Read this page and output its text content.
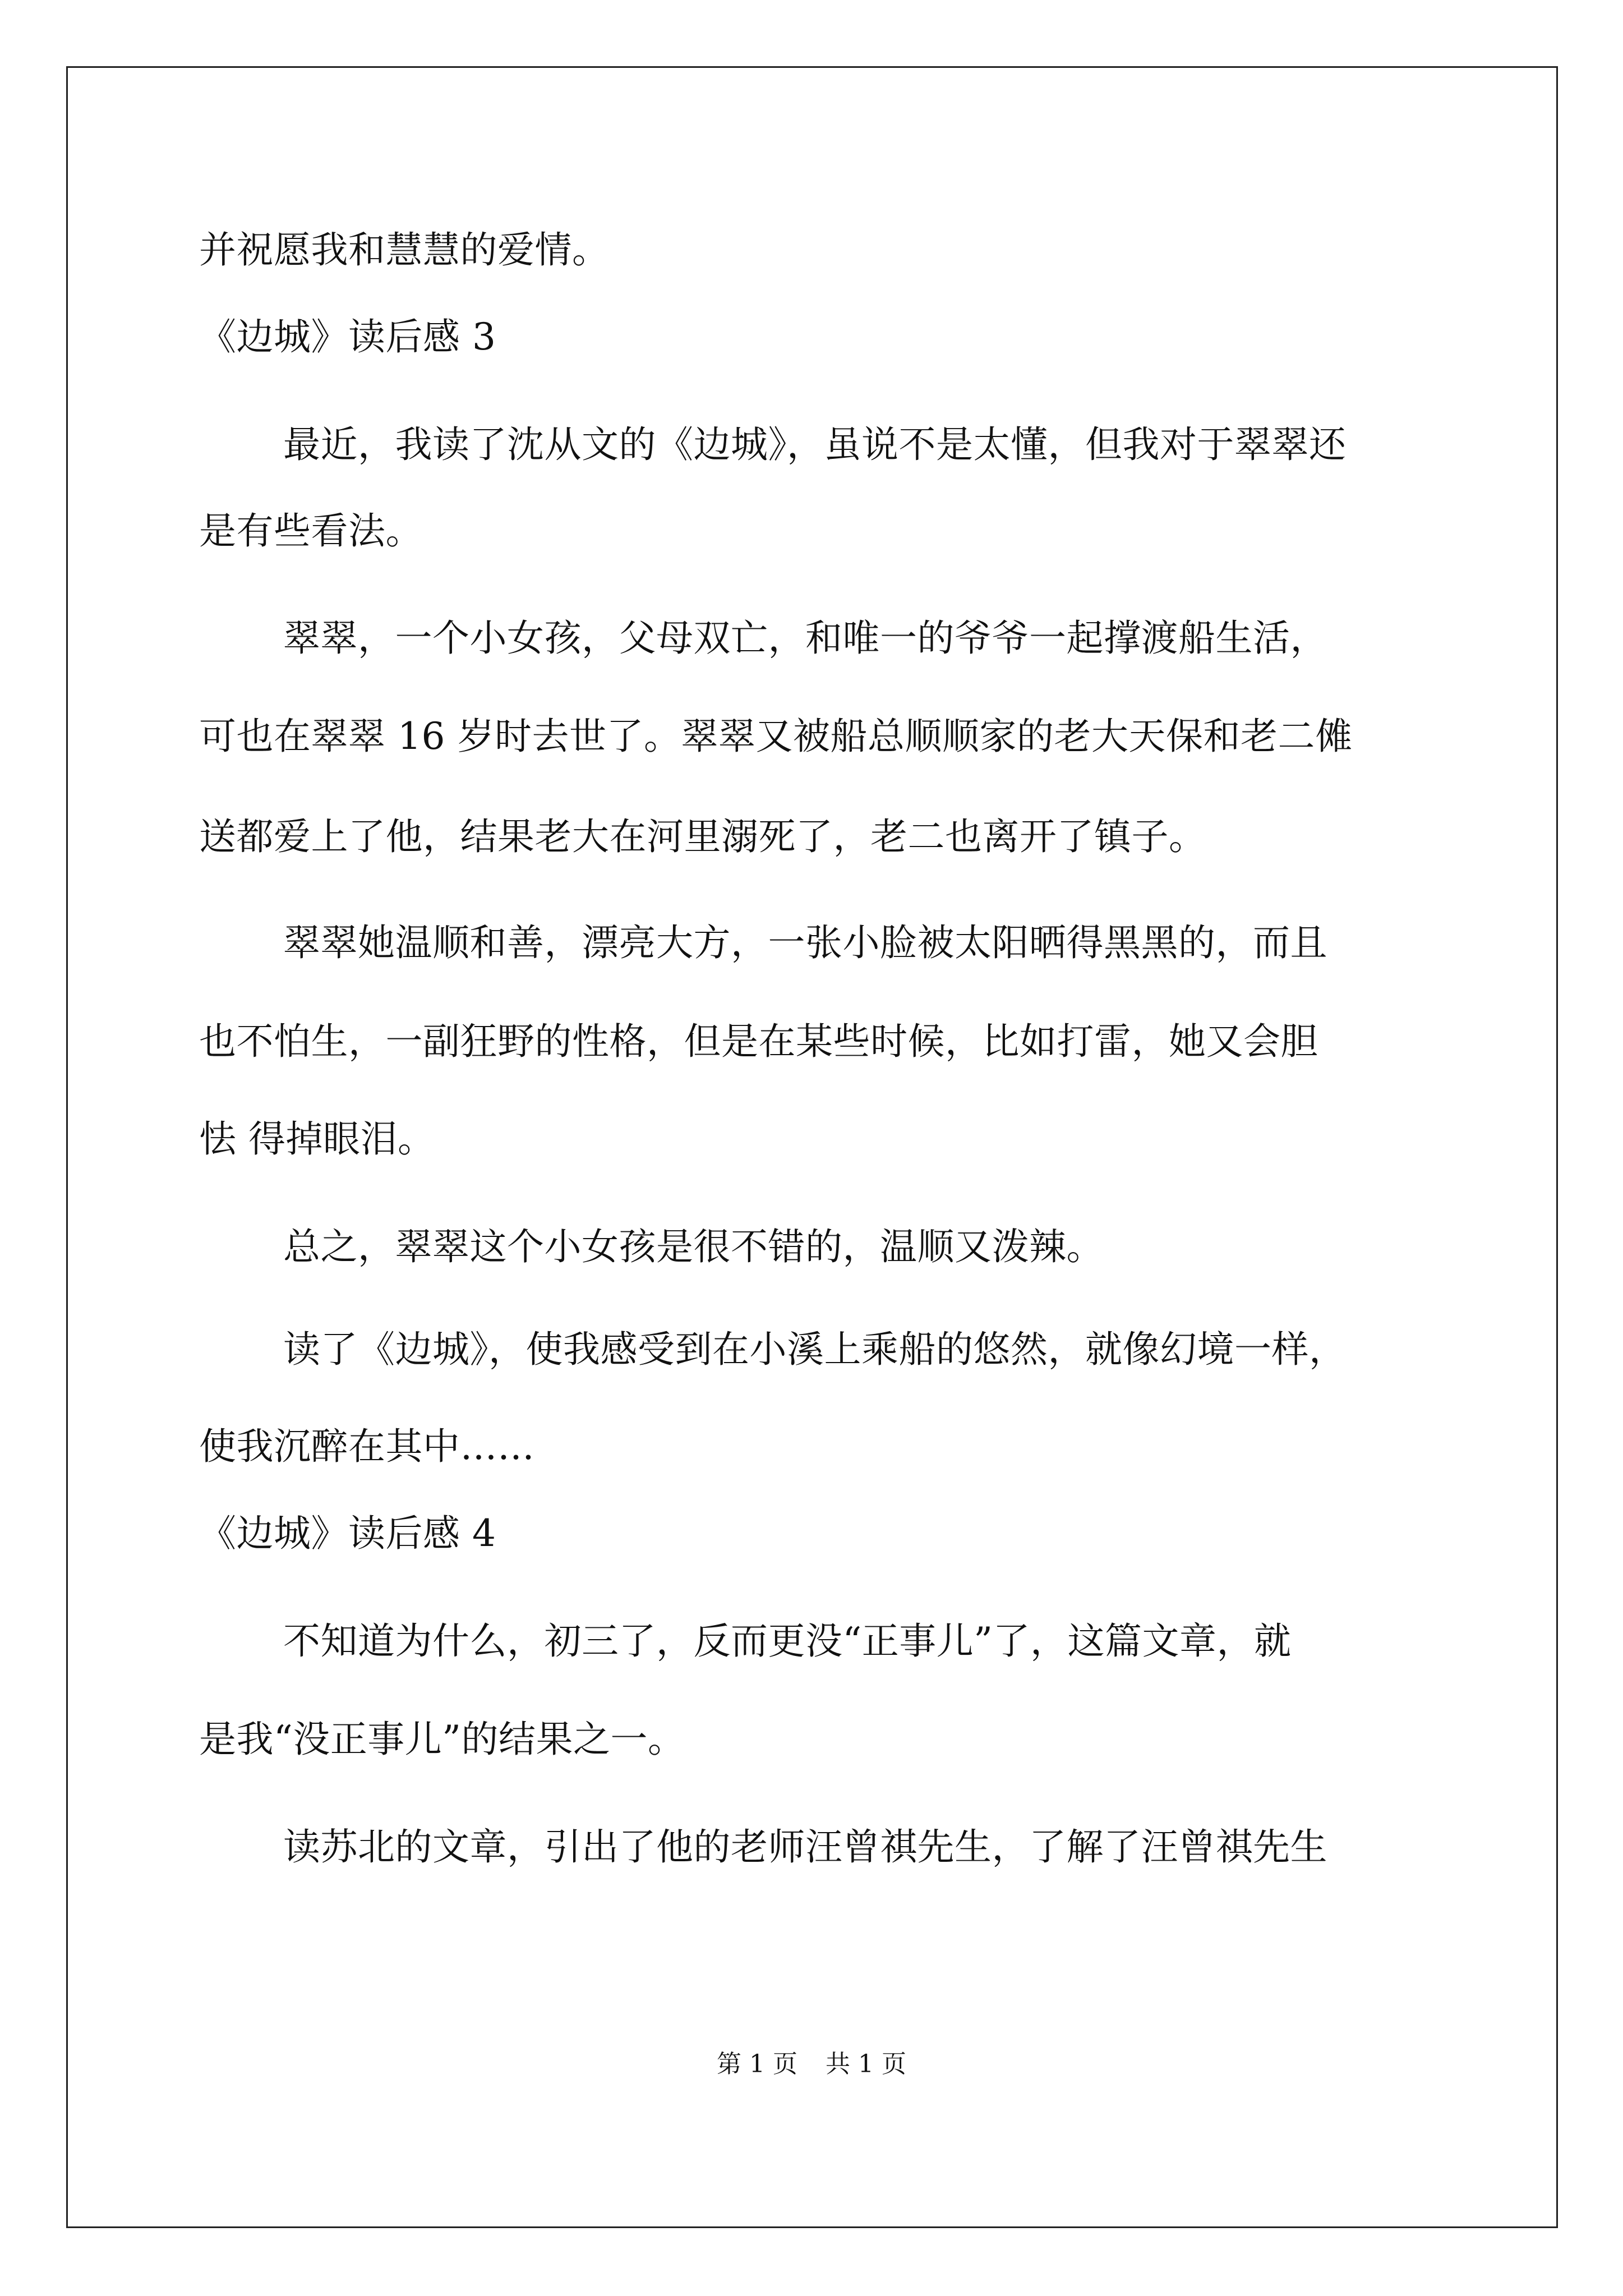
并祝愿我和慧慧的爱情。
《边城》读后感 3
最近，我读了沈从文的《边城》，虽说不是太懂，但我对于翠翠还
是有些看法。
翠翠，一个小女孩，父母双亡，和唯一的爷爷一起撑渡船生活，
可也在翠翠 16 岁时去世了。翠翠又被船总顺顺家的老大天保和老二傩
送都爱上了他，结果老大在河里溺死了，老二也离开了镇子。
翠翠她温顺和善，漂亮大方，一张小脸被太阳晒得黑黑的，而且
也不怕生，一副狂野的性格，但是在某些时候，比如打雷，她又会胆
怯 得掉眼泪。
总之，翠翠这个小女孩是很不错的，温顺又泼辣。
读了《边城》，使我感受到在小溪上乘船的悠然，就像幻境一样，
使我沉醉在其中……
《边城》读后感 4
不知道为什么，初三了，反而更没“正事儿”了，这篇文章，就
是我“没正事儿”的结果之一。
读苏北的文章，引出了他的老师汪曾祺先生，了解了汪曾祺先生
第 1 页 共 1 页
